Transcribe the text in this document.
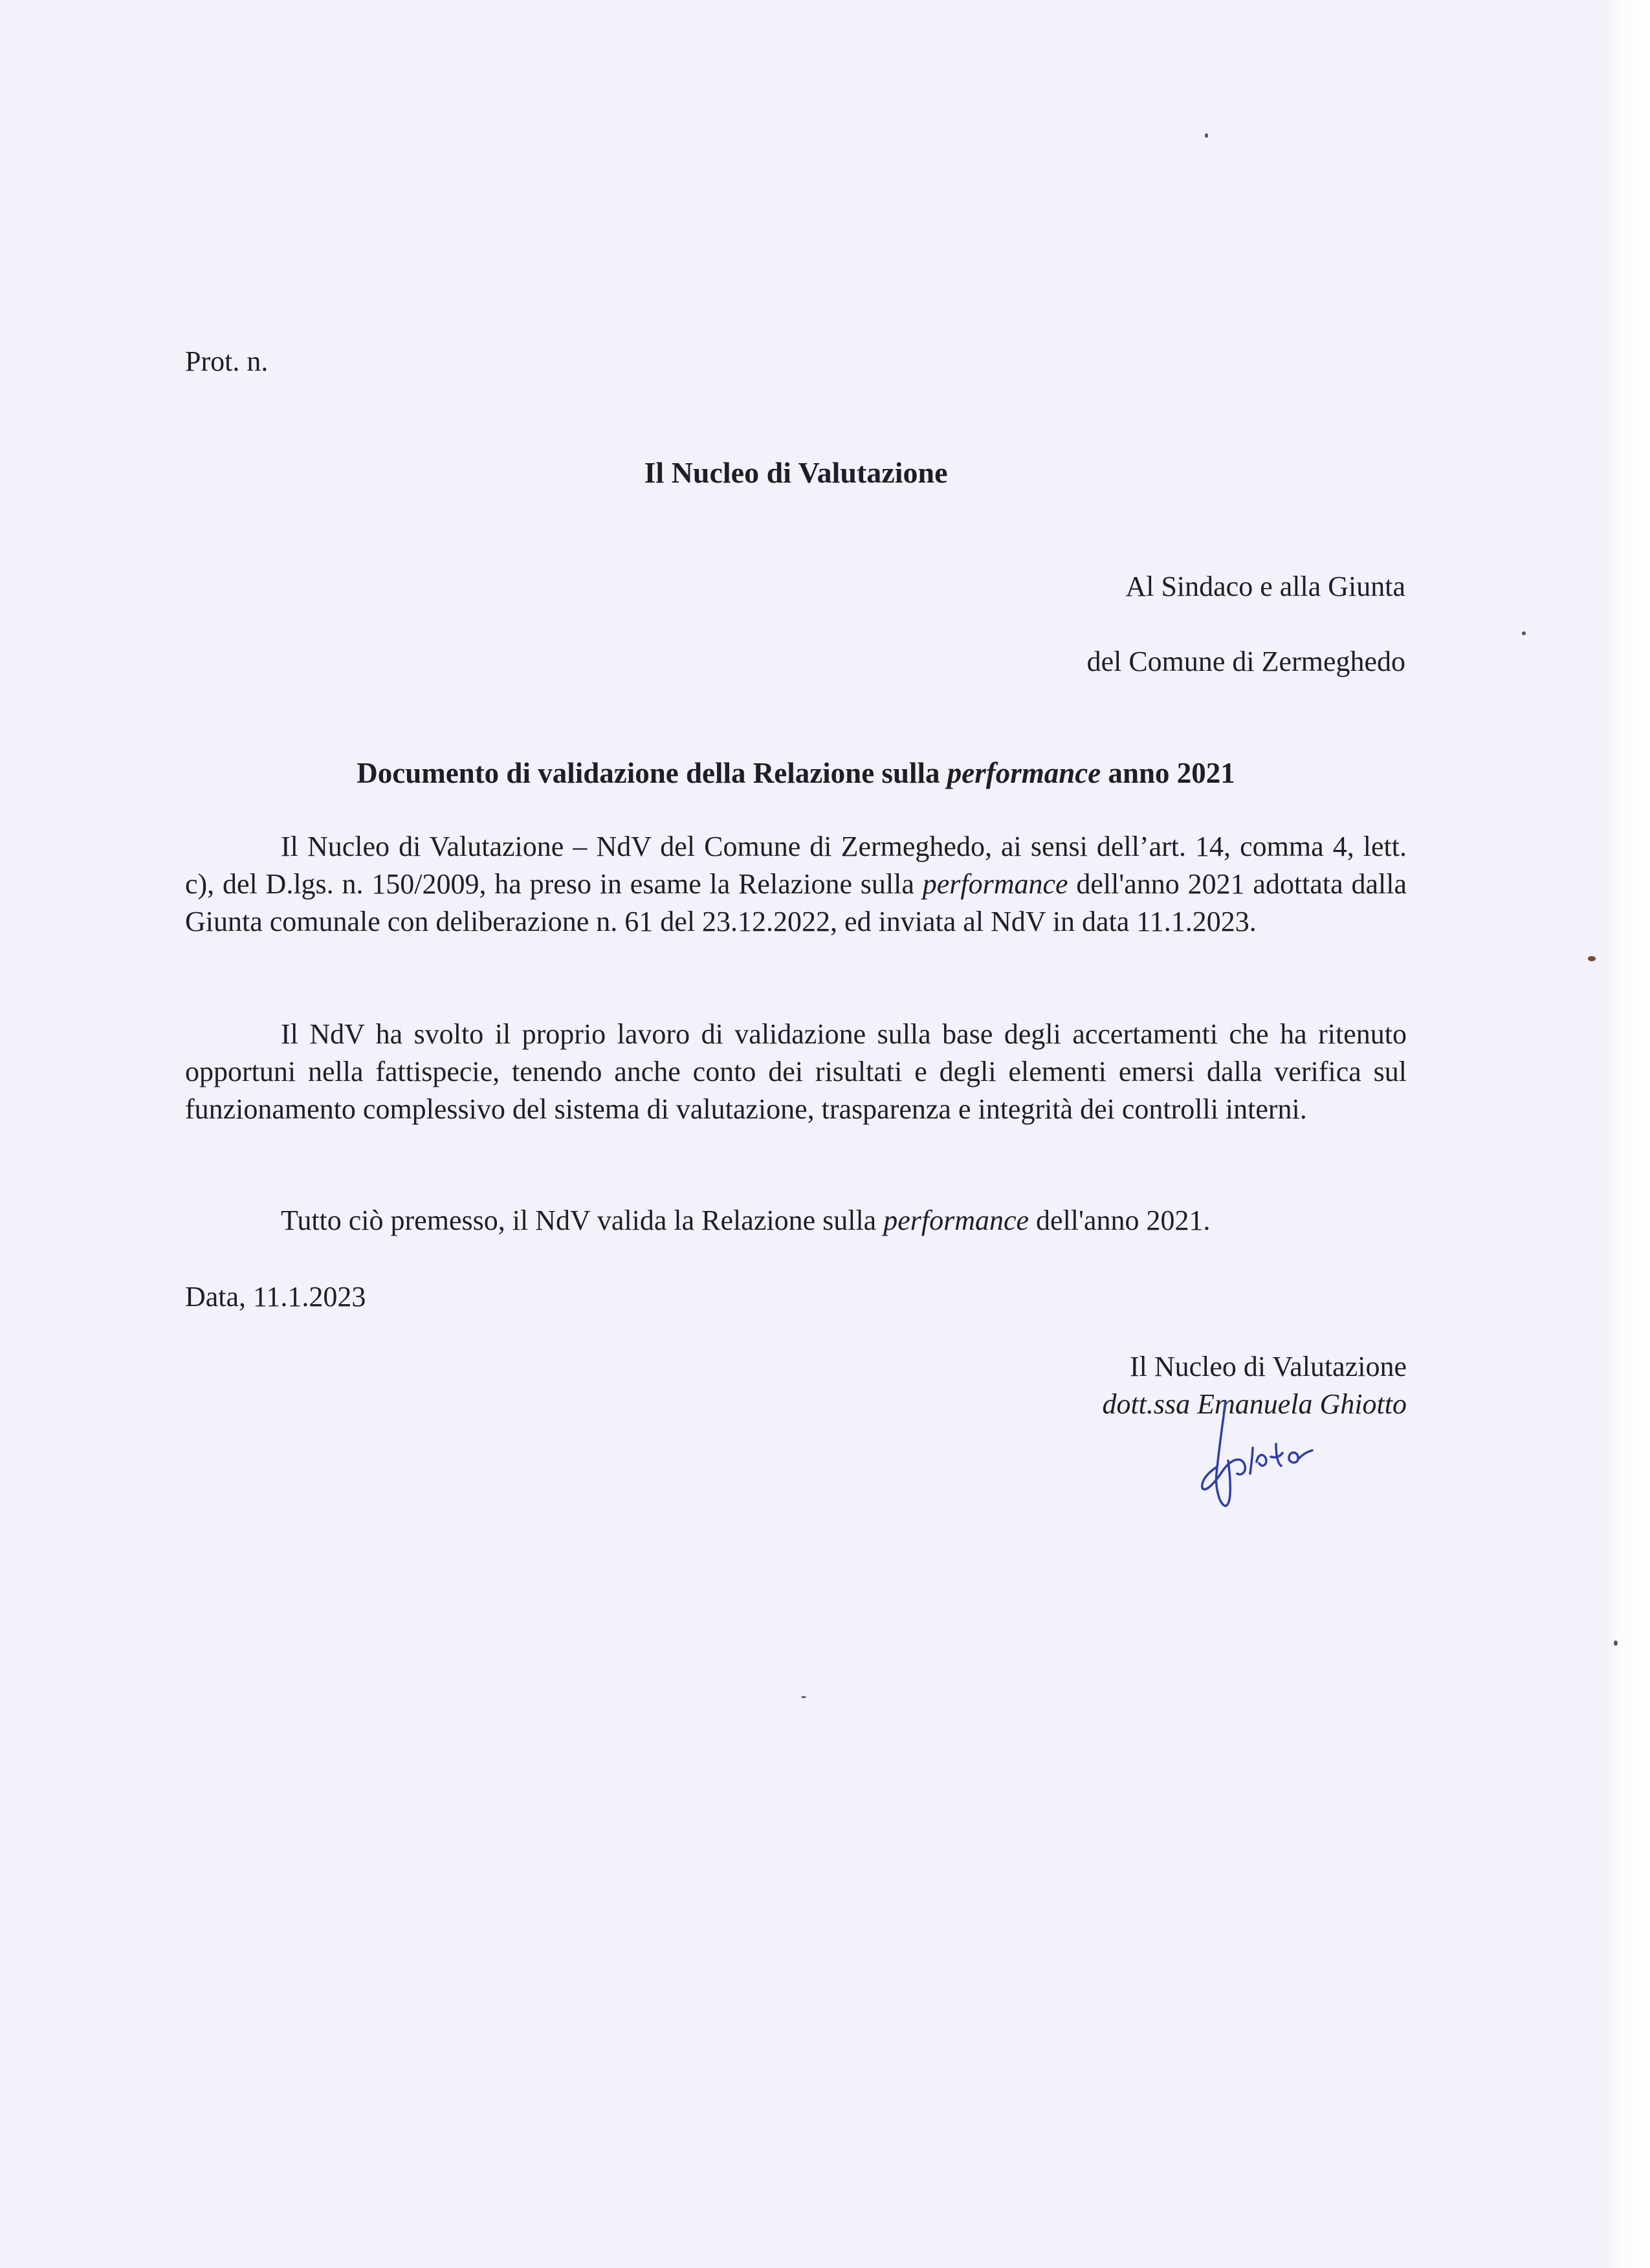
Prot. n.
Il Nucleo di Valutazione
Al Sindaco e alla Giunta
del Comune di Zermeghedo
Documento di validazione della Relazione sulla performance anno 2021

Il Nucleo di Valutazione – NdV del Comune di Zermeghedo, ai sensi dell’art. 14, comma 4, lett. c), del D.lgs. n. 150/2009, ha preso in esame la Relazione sulla performance dell'anno 2021 adottata dalla Giunta comunale con deliberazione n. 61 del 23.12.2022, ed inviata al NdV in data 11.1.2023.

Il NdV ha svolto il proprio lavoro di validazione sulla base degli accertamenti che ha ritenuto opportuni nella fattispecie, tenendo anche conto dei risultati e degli elementi emersi dalla verifica sul funzionamento complessivo del sistema di valutazione, trasparenza e integrità dei controlli interni.

Tutto ciò premesso, il NdV valida la Relazione sulla performance dell'anno 2021.

Data, 11.1.2023
Il Nucleo di Valutazione
dott.ssa Emanuela Ghiotto
